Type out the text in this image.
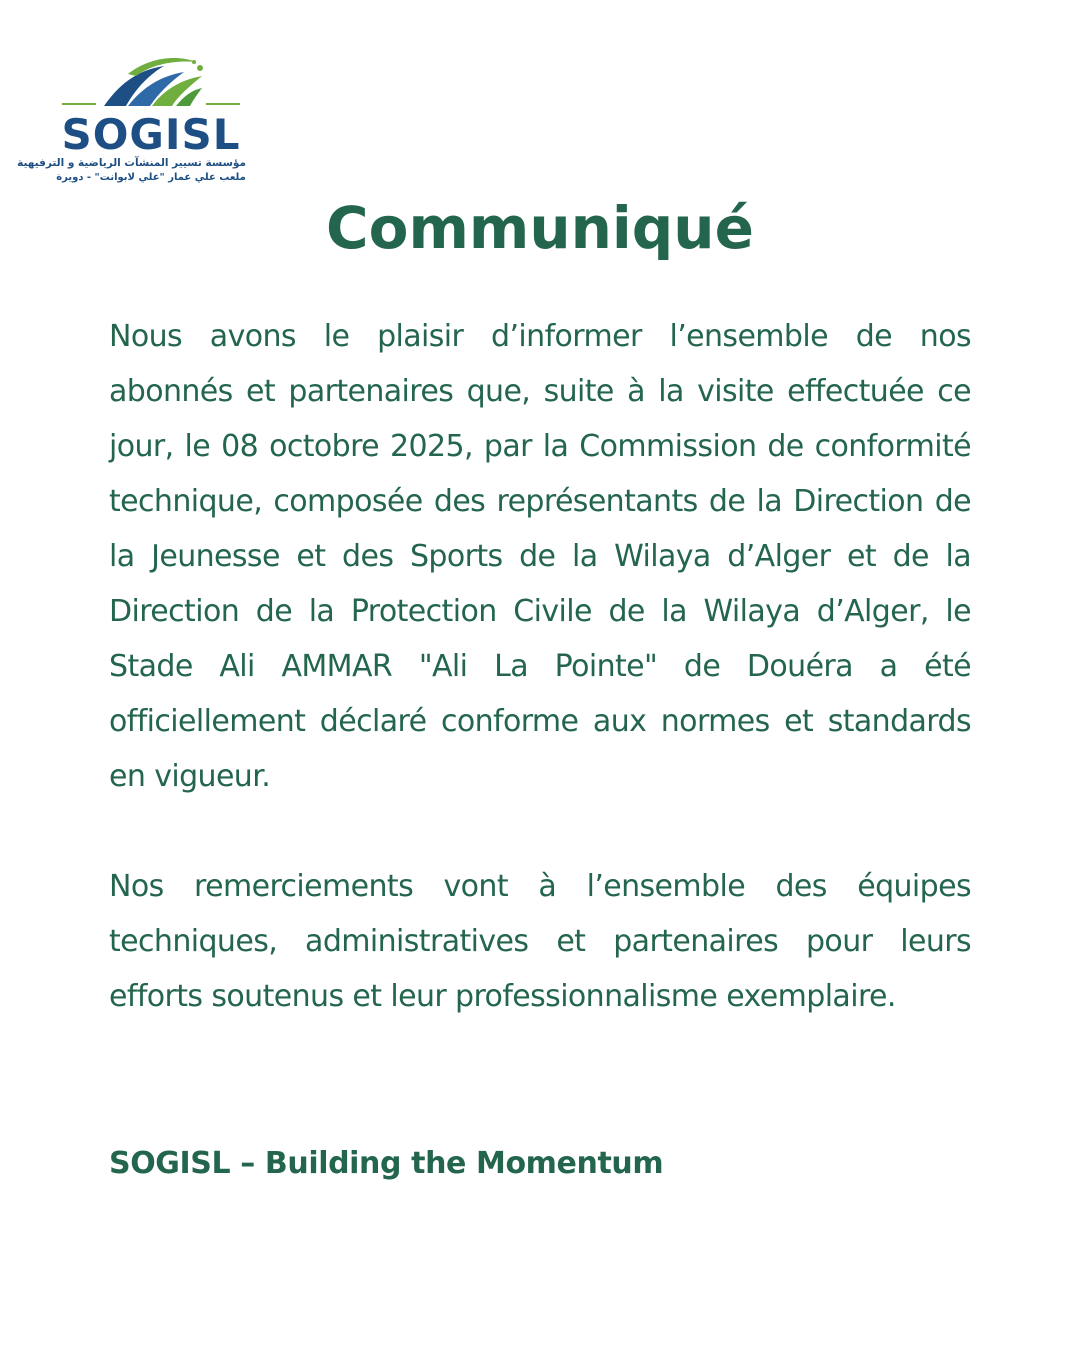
SOGISL
مؤسسة تسيير المنشآت الرياضية و الترفيهية
ملعب علي عمار "علي لابوانت" - دويرة
Communiqué

Nous avons le plaisir d’informer l’ensemble de nos abonnés et partenaires que, suite à la visite effectuée ce jour, le 08 octobre 2025, par la Commission de conformité technique, composée des représentants de la Direction de la Jeunesse et des Sports de la Wilaya d’Alger et de la Direction de la Protection Civile de la Wilaya d’Alger, le Stade Ali AMMAR "Ali La Pointe" de Douéra a été officiellement déclaré conforme aux normes et standards en vigueur.

Nos remerciements vont à l’ensemble des équipes techniques, administratives et partenaires pour leurs efforts soutenus et leur professionnalisme exemplaire.

SOGISL – Building the Momentum
